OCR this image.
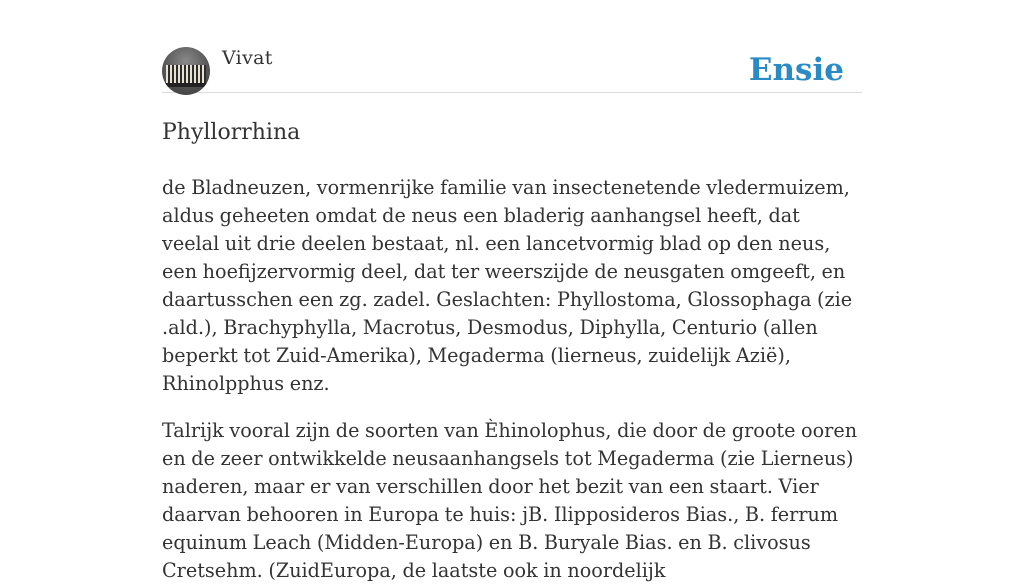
Vivat	Ensie
Phyllorrhina

de Bladneuzen, vormenrijke familie van insectenetende vledermuizem, aldus geheeten omdat de neus een bladerig aanhangsel heeft, dat veelal uit drie deelen bestaat, nl. een lancetvormig blad op den neus, een hoefijzervormig deel, dat ter weerszijde de neusgaten omgeeft, en daartusschen een zg. zadel. Geslachten: Phyllostoma, Glossophaga (zie .ald.), Brachyphylla, Macrotus, Desmodus, Diphylla, Centurio (allen beperkt tot Zuid-Amerika), Megaderma (lierneus, zuidelijk Azië), Rhinolpphus enz.

Talrijk vooral zijn de soorten van Èhinolophus, die door de groote ooren en de zeer ontwikkelde neusaanhangsels tot Megaderma (zie Lierneus) naderen, maar er van verschillen door het bezit van een staart. Vier daarvan behooren in Europa te huis: jB. Ilipposideros Bias., B. ferrum equinum Leach (Midden-Europa) en B. Buryale Bias. en B. clivosus Cretsehm. (ZuidEuropa, de laatste ook in noordelijk
